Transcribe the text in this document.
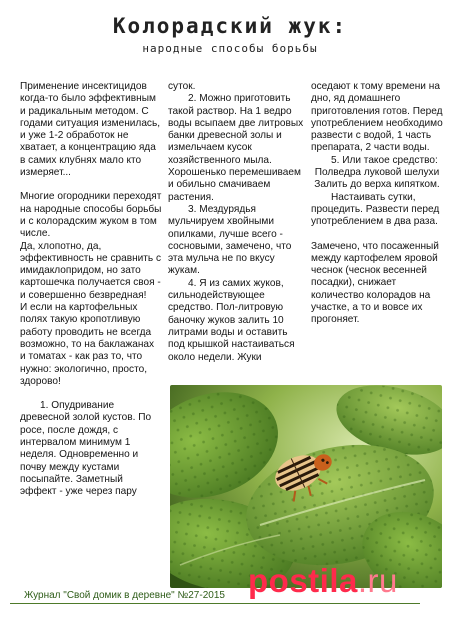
Колорадский жук:
народные способы борьбы

Применение инсектицидов когда-то было эффективным и радикальным методом. С годами ситуация изменилась, и уже 1-2 обработок не хватает, а концентрацию яда в самих клубнях мало кто измеряет...

Многие огородники переходят на народные способы борьбы и с колорадским жуком в том числе.

Да, хлопотно, да, эффективность не сравнить с имидаклопридом, но зато картошечка получается своя - и совершенно безвредная!

И если на картофельных полях такую кропотливую работу проводить не всегда возможно, то на баклажанах и томатах - как раз то, что нужно: экологично, просто, здорово!

1. Опудривание древесной золой кустов. По росе, после дождя, с интервалом минимум 1 неделя. Одновременно и почву между кустами посыпайте. Заметный эффект - уже через пару

суток.

2. Можно приготовить такой раствор. На 1 ведро воды всыпаем две литровых банки древесной золы и измельчаем кусок хозяйственного мыла. Хорошенько перемешиваем и обильно смачиваем растения.

3. Мездурядья мульчируем хвойными опилками, лучше всего - сосновыми, замечено, что эта мульча не по вкусу жукам.

4. Я из самих жуков, сильнодействующее средство. Пол-литровую баночку жуков залить 10 литрами воды и оставить под крышкой настаиваться около недели. Жуки

оседают к тому времени на дно, яд домашнего приготовления готов. Перед употреблением необходимо развести с водой, 1 часть препарата, 2 части воды.

5. Или такое средство:

Полведра луковой шелухи

Залить до верха кипятком.

Настаивать сутки, процедить. Развести перед употреблением в два раза.

Замечено, что посаженный между картофелем яровой чеснок (чеснок весенней посадки), снижает количество колорадов на участке, а то и вовсе их прогоняет.

postila.ru
Журнал "Свой домик в деревне" №27-2015
